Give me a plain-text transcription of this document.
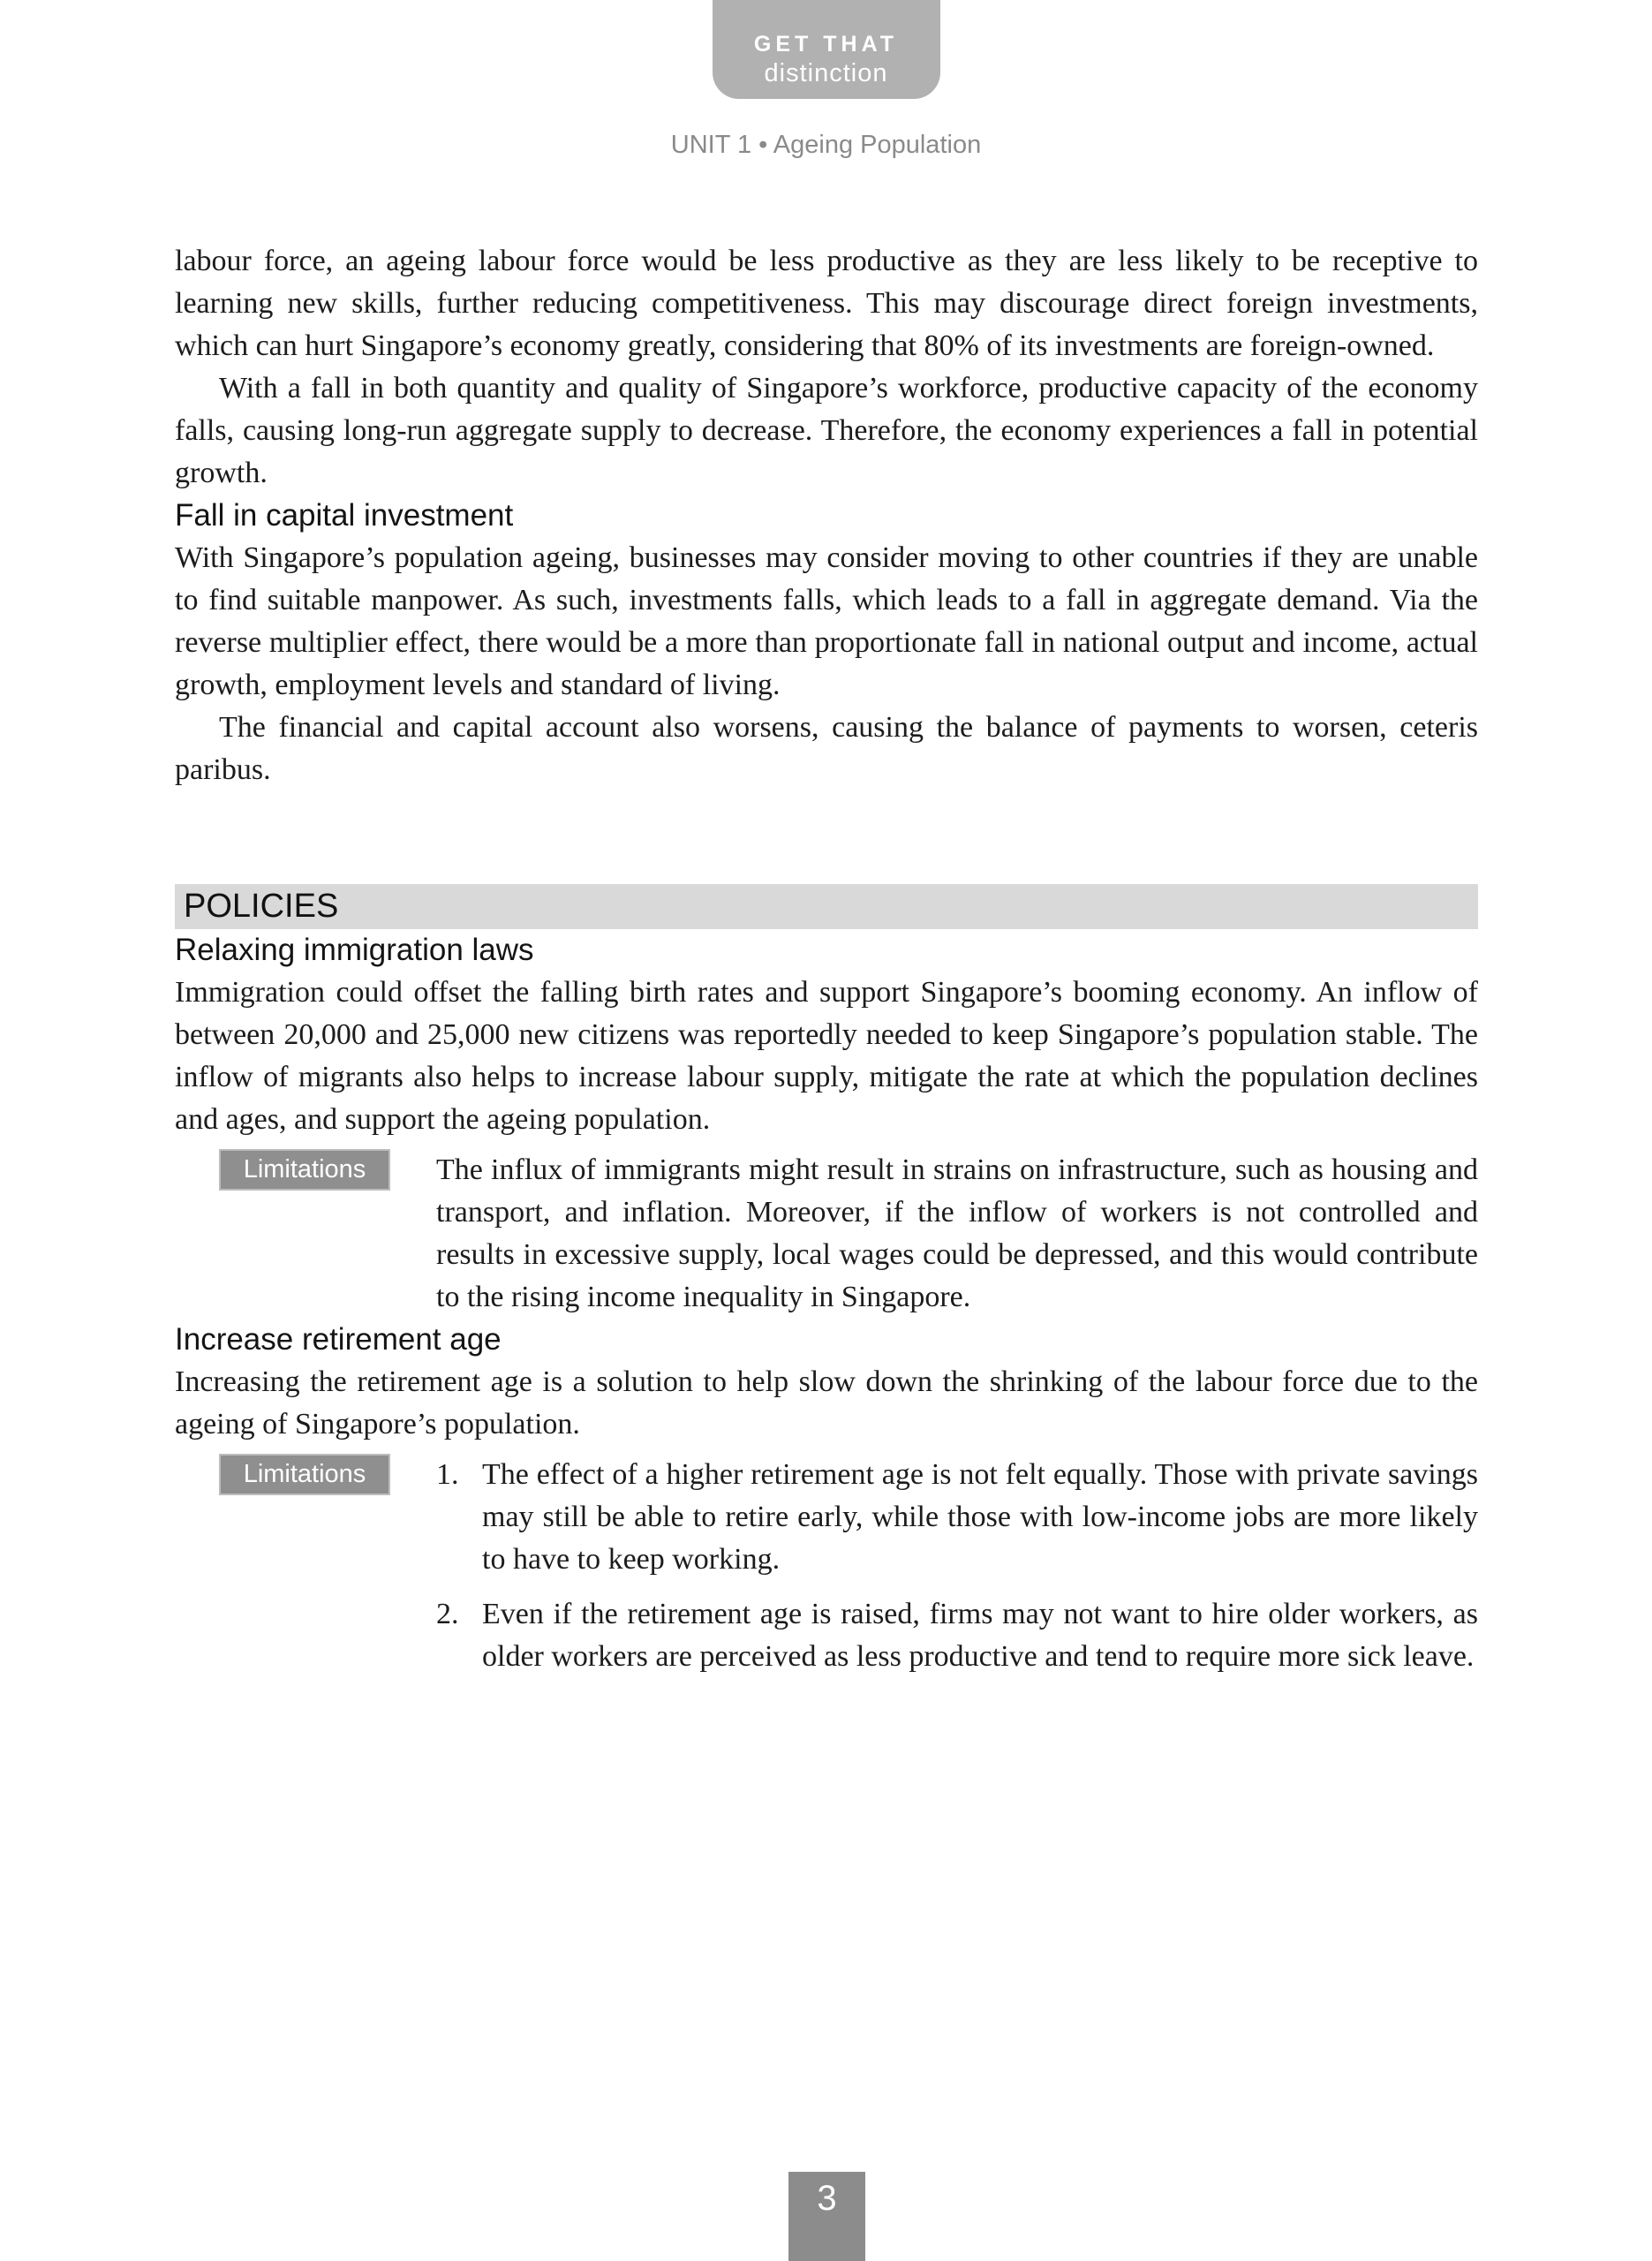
GET THAT
distinction
UNIT 1 • Ageing Population

labour force, an ageing labour force would be less productive as they are less likely to be receptive to learning new skills, further reducing competitiveness. This may discourage direct foreign investments, which can hurt Singapore’s economy greatly, considering that 80% of its investments are foreign-owned.

With a fall in both quantity and quality of Singapore’s workforce, productive capacity of the economy falls, causing long-run aggregate supply to decrease. Therefore, the economy experiences a fall in potential growth.

Fall in capital investment

With Singapore’s population ageing, businesses may consider moving to other countries if they are unable to find suitable manpower. As such, investments falls, which leads to a fall in aggregate demand. Via the reverse multiplier effect, there would be a more than proportionate fall in national output and income, actual growth, employment levels and standard of living.

The financial and capital account also worsens, causing the balance of payments to worsen, ceteris paribus.

POLICIES
Relaxing immigration laws

Immigration could offset the falling birth rates and support Singapore’s booming economy. An inflow of between 20,000 and 25,000 new citizens was reportedly needed to keep Singapore’s population stable. The inflow of migrants also helps to increase labour supply, mitigate the rate at which the population declines and ages, and support the ageing population.

Limitations	The influx of immigrants might result in strains on infrastructure, such as housing and transport, and inflation. Moreover, if the inflow of workers is not controlled and results in excessive supply, local wages could be depressed, and this would contribute to the rising income inequality in Singapore.

Increase retirement age

Increasing the retirement age is a solution to help slow down the shrinking of the labour force due to the ageing of Singapore’s population.

Limitations	1. The effect of a higher retirement age is not felt equally. Those with private savings may still be able to retire early, while those with low-income jobs are more likely to have to keep working.

2. Even if the retirement age is raised, firms may not want to hire older workers, as older workers are perceived as less productive and tend to require more sick leave.

3
